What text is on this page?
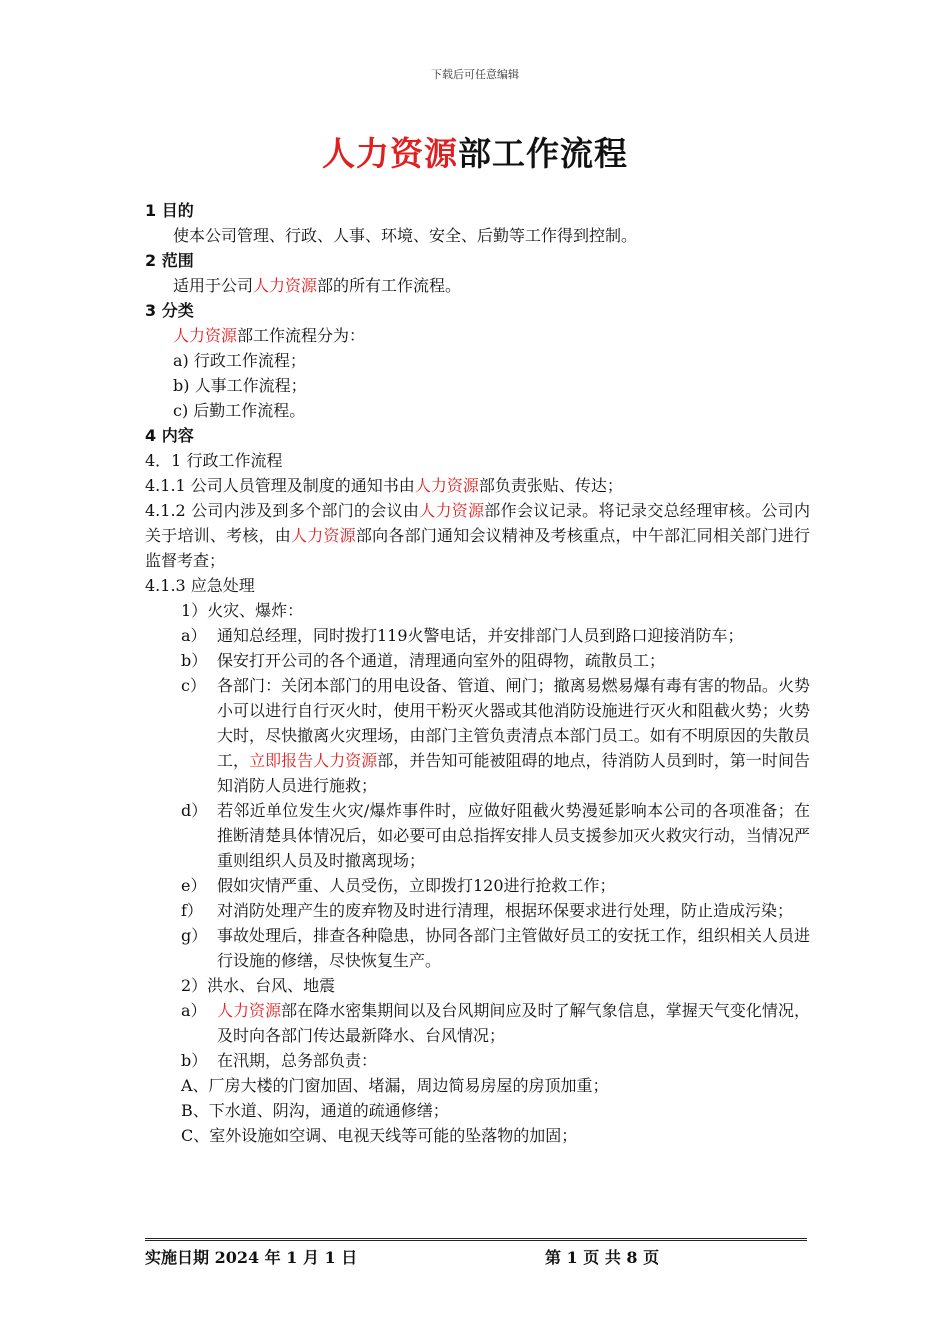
下载后可任意编辑
人力资源部工作流程
1 目的
使本公司管理、行政、人事、环境、安全、后勤等工作得到控制。
2 范围
适用于公司人力资源部的所有工作流程。
3 分类
人力资源部工作流程分为：
a) 行政工作流程；
b) 人事工作流程；
c) 后勤工作流程。
4 内容
4．1 行政工作流程
4.1.1 公司人员管理及制度的通知书由人力资源部负责张贴、传达；
4.1.2 公司内涉及到多个部门的会议由人力资源部作会议记录。将记录交总经理审核。公司内关于培训、考核，由人力资源部向各部门通知会议精神及考核重点，中午部汇同相关部门进行监督考查；
4.1.3 应急处理
1）火灾、爆炸：
a） 通知总经理，同时拨打119火警电话，并安排部门人员到路口迎接消防车；
b） 保安打开公司的各个通道，清理通向室外的阻碍物，疏散员工；
c） 各部门：关闭本部门的用电设备、管道、闸门；撤离易燃易爆有毒有害的物品。火势小可以进行自行灭火时，使用干粉灭火器或其他消防设施进行灭火和阻截火势；火势大时，尽快撤离火灾理场，由部门主管负责清点本部门员工。如有不明原因的失散员工，立即报告人力资源部，并告知可能被阻碍的地点，待消防人员到时，第一时间告知消防人员进行施救；
d） 若邻近单位发生火灾/爆炸事件时，应做好阻截火势漫延影响本公司的各项准备；在推断清楚具体情况后，如必要可由总指挥安排人员支援参加灭火救灾行动，当情况严重则组织人员及时撤离现场；
e） 假如灾情严重、人员受伤，立即拨打120进行抢救工作；
f） 对消防处理产生的废弃物及时进行清理，根据环保要求进行处理，防止造成污染；
g） 事故处理后，排查各种隐患，协同各部门主管做好员工的安抚工作，组织相关人员进行设施的修缮，尽快恢复生产。
2）洪水、台风、地震
a） 人力资源部在降水密集期间以及台风期间应及时了解气象信息，掌握天气变化情况，及时向各部门传达最新降水、台风情况；
b） 在汛期，总务部负责：
A、厂房大楼的门窗加固、堵漏，周边简易房屋的房顶加重；
B、下水道、阴沟，通道的疏通修缮；
C、室外设施如空调、电视天线等可能的坠落物的加固；
实施日期 2024 年 1 月 1 日	第 1 页 共 8 页
